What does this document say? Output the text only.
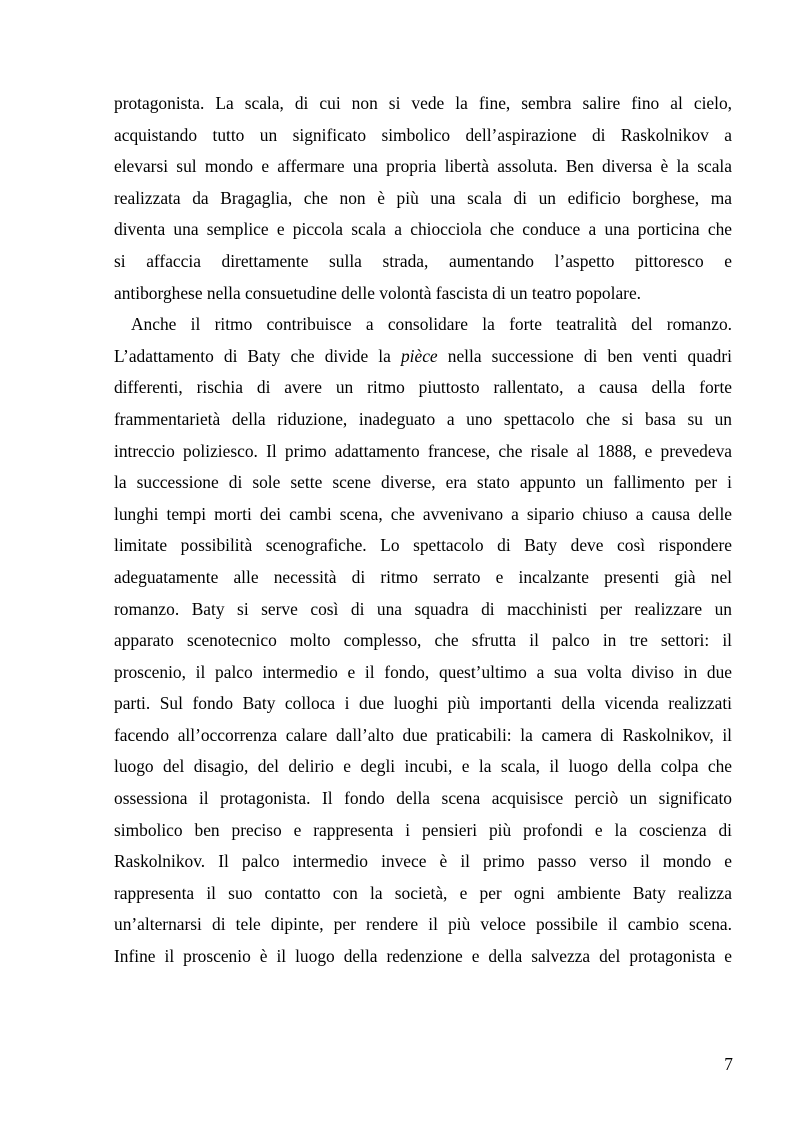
protagonista. La scala, di cui non si vede la fine, sembra salire fino al cielo,
acquistando tutto un significato simbolico dell’aspirazione di Raskolnikov a
elevarsi sul mondo e affermare una propria libertà assoluta. Ben diversa è la scala
realizzata da Bragaglia, che non è più una scala di un edificio borghese, ma
diventa una semplice e piccola scala a chiocciola che conduce a una porticina che
si affaccia direttamente sulla strada, aumentando l’aspetto pittoresco e
antiborghese nella consuetudine delle volontà fascista di un teatro popolare.
Anche il ritmo contribuisce a consolidare la forte teatralità del romanzo.
L’adattamento di Baty che divide la pièce nella successione di ben venti quadri
differenti, rischia di avere un ritmo piuttosto rallentato, a causa della forte
frammentarietà della riduzione, inadeguato a uno spettacolo che si basa su un
intreccio poliziesco. Il primo adattamento francese, che risale al 1888, e prevedeva
la successione di sole sette scene diverse, era stato appunto un fallimento per i
lunghi tempi morti dei cambi scena, che avvenivano a sipario chiuso a causa delle
limitate possibilità scenografiche. Lo spettacolo di Baty deve così rispondere
adeguatamente alle necessità di ritmo serrato e incalzante presenti già nel
romanzo. Baty si serve così di una squadra di macchinisti per realizzare un
apparato scenotecnico molto complesso, che sfrutta il palco in tre settori: il
proscenio, il palco intermedio e il fondo, quest’ultimo a sua volta diviso in due
parti. Sul fondo Baty colloca i due luoghi più importanti della vicenda realizzati
facendo all’occorrenza calare dall’alto due praticabili: la camera di Raskolnikov, il
luogo del disagio, del delirio e degli incubi, e la scala, il luogo della colpa che
ossessiona il protagonista. Il fondo della scena acquisisce perciò un significato
simbolico ben preciso e rappresenta i pensieri più profondi e la coscienza di
Raskolnikov. Il palco intermedio invece è il primo passo verso il mondo e
rappresenta il suo contatto con la società, e per ogni ambiente Baty realizza
un’alternarsi di tele dipinte, per rendere il più veloce possibile il cambio scena.
Infine il proscenio è il luogo della redenzione e della salvezza del protagonista e
7
